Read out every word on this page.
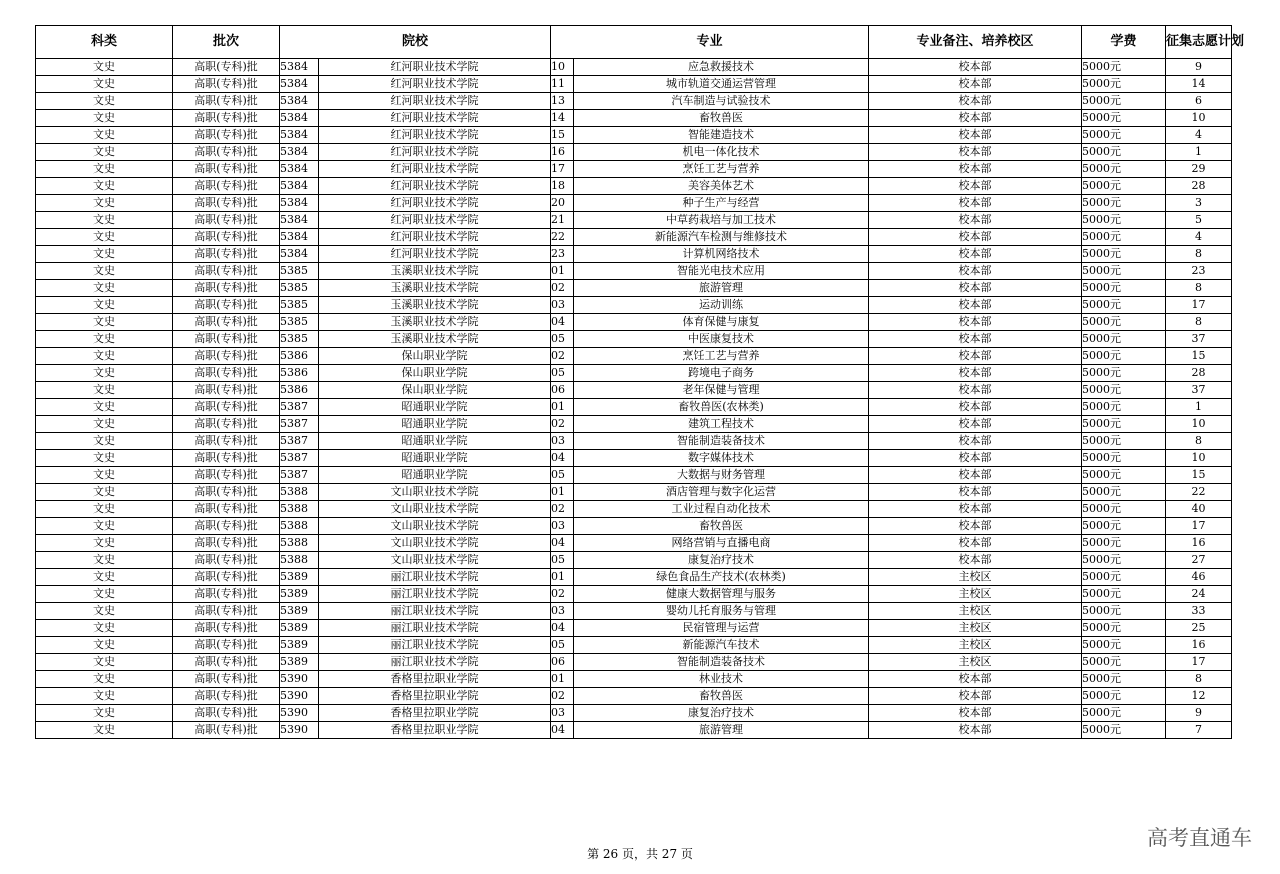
科类	批次	院校		专业		专业备注、培养校区	学费	征集志愿计划
文史	高职(专科)批	5384	红河职业技术学院	10	应急救援技术	校本部	5000元	9
文史	高职(专科)批	5384	红河职业技术学院	11	城市轨道交通运营管理	校本部	5000元	14
文史	高职(专科)批	5384	红河职业技术学院	13	汽车制造与试验技术	校本部	5000元	6
文史	高职(专科)批	5384	红河职业技术学院	14	畜牧兽医	校本部	5000元	10
文史	高职(专科)批	5384	红河职业技术学院	15	智能建造技术	校本部	5000元	4
文史	高职(专科)批	5384	红河职业技术学院	16	机电一体化技术	校本部	5000元	1
文史	高职(专科)批	5384	红河职业技术学院	17	烹饪工艺与营养	校本部	5000元	29
文史	高职(专科)批	5384	红河职业技术学院	18	美容美体艺术	校本部	5000元	28
文史	高职(专科)批	5384	红河职业技术学院	20	种子生产与经营	校本部	5000元	3
文史	高职(专科)批	5384	红河职业技术学院	21	中草药栽培与加工技术	校本部	5000元	5
文史	高职(专科)批	5384	红河职业技术学院	22	新能源汽车检测与维修技术	校本部	5000元	4
文史	高职(专科)批	5384	红河职业技术学院	23	计算机网络技术	校本部	5000元	8
文史	高职(专科)批	5385	玉溪职业技术学院	01	智能光电技术应用	校本部	5000元	23
文史	高职(专科)批	5385	玉溪职业技术学院	02	旅游管理	校本部	5000元	8
文史	高职(专科)批	5385	玉溪职业技术学院	03	运动训练	校本部	5000元	17
文史	高职(专科)批	5385	玉溪职业技术学院	04	体育保健与康复	校本部	5000元	8
文史	高职(专科)批	5385	玉溪职业技术学院	05	中医康复技术	校本部	5000元	37
文史	高职(专科)批	5386	保山职业学院	02	烹饪工艺与营养	校本部	5000元	15
文史	高职(专科)批	5386	保山职业学院	05	跨境电子商务	校本部	5000元	28
文史	高职(专科)批	5386	保山职业学院	06	老年保健与管理	校本部	5000元	37
文史	高职(专科)批	5387	昭通职业学院	01	畜牧兽医(农林类)	校本部	5000元	1
文史	高职(专科)批	5387	昭通职业学院	02	建筑工程技术	校本部	5000元	10
文史	高职(专科)批	5387	昭通职业学院	03	智能制造装备技术	校本部	5000元	8
文史	高职(专科)批	5387	昭通职业学院	04	数字媒体技术	校本部	5000元	10
文史	高职(专科)批	5387	昭通职业学院	05	大数据与财务管理	校本部	5000元	15
文史	高职(专科)批	5388	文山职业技术学院	01	酒店管理与数字化运营	校本部	5000元	22
文史	高职(专科)批	5388	文山职业技术学院	02	工业过程自动化技术	校本部	5000元	40
文史	高职(专科)批	5388	文山职业技术学院	03	畜牧兽医	校本部	5000元	17
文史	高职(专科)批	5388	文山职业技术学院	04	网络营销与直播电商	校本部	5000元	16
文史	高职(专科)批	5388	文山职业技术学院	05	康复治疗技术	校本部	5000元	27
文史	高职(专科)批	5389	丽江职业技术学院	01	绿色食品生产技术(农林类)	主校区	5000元	46
文史	高职(专科)批	5389	丽江职业技术学院	02	健康大数据管理与服务	主校区	5000元	24
文史	高职(专科)批	5389	丽江职业技术学院	03	婴幼儿托育服务与管理	主校区	5000元	33
文史	高职(专科)批	5389	丽江职业技术学院	04	民宿管理与运营	主校区	5000元	25
文史	高职(专科)批	5389	丽江职业技术学院	05	新能源汽车技术	主校区	5000元	16
文史	高职(专科)批	5389	丽江职业技术学院	06	智能制造装备技术	主校区	5000元	17
文史	高职(专科)批	5390	香格里拉职业学院	01	林业技术	校本部	5000元	8
文史	高职(专科)批	5390	香格里拉职业学院	02	畜牧兽医	校本部	5000元	12
文史	高职(专科)批	5390	香格里拉职业学院	03	康复治疗技术	校本部	5000元	9
文史	高职(专科)批	5390	香格里拉职业学院	04	旅游管理	校本部	5000元	7
第 26 页，共 27 页
高考直通车
